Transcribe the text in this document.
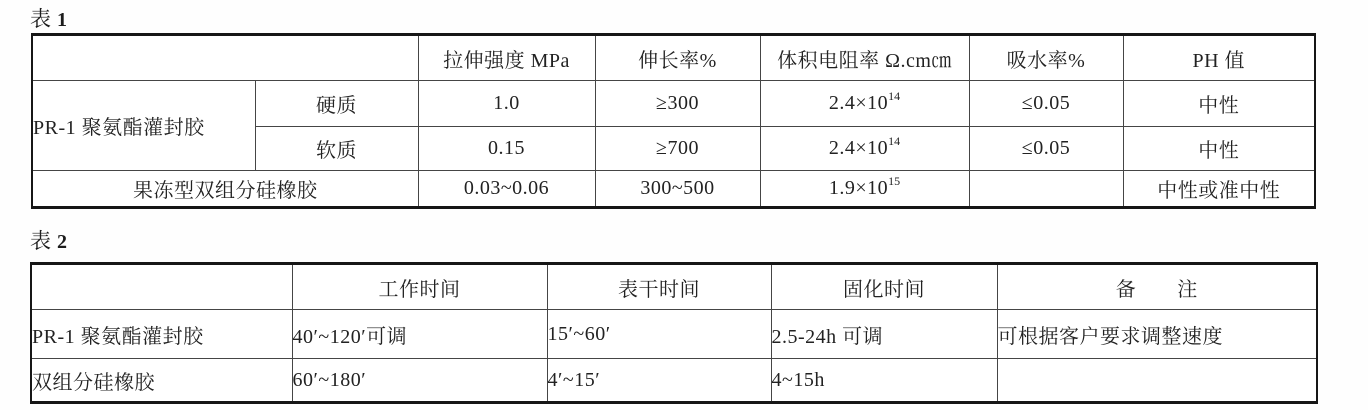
表 1
		拉伸强度 MPa	伸长率%	体积电阻率 Ω.cm㎝	吸水率%	PH 值
PR-1 聚氨酯灌封胶	硬质	1.0	≥300	$2.4\times 10^{14}$	≤0.05	中性
	软质	0.15	≥700	$2.4\times 10^{14}$	≤0.05	中性
果冻型双组分硅橡胶		0.03~0.06	300~500	$1.9\times 10^{15}$		中性或准中性
表 2
	工作时间	表干时间	固化时间	备　　注
PR-1 聚氨酯灌封胶	40′~120′可调	15′~60′	2.5-24h 可调	可根据客户要求调整速度
双组分硅橡胶	60′~180′	4′~15′	4~15h	
